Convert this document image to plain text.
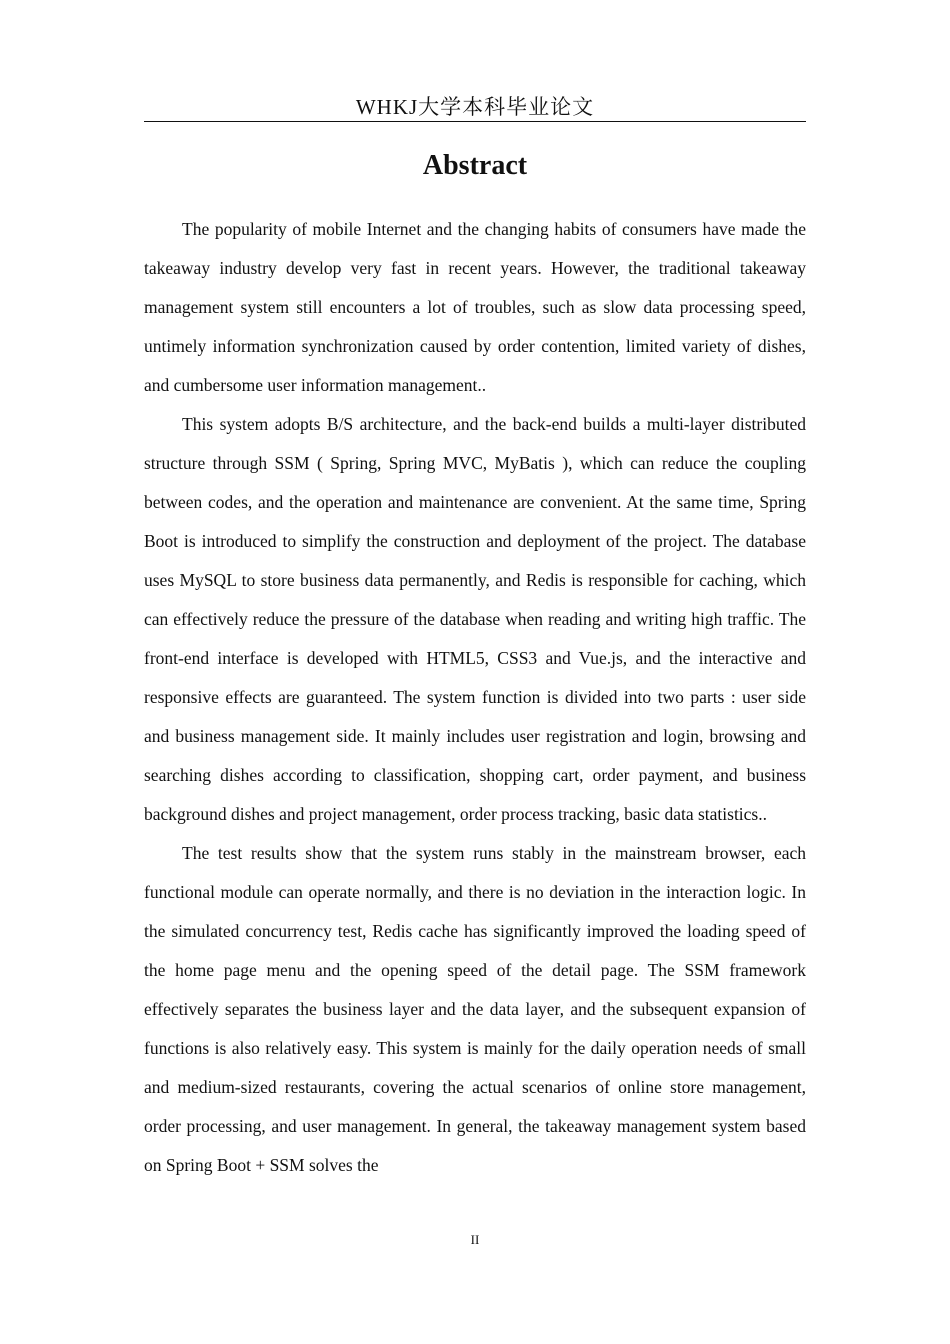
WHKJ大学本科毕业论文
Abstract

The popularity of mobile Internet and the changing habits of consumers have made the takeaway industry develop very fast in recent years. However, the traditional takeaway management system still encounters a lot of troubles, such as slow data processing speed, untimely information synchronization caused by order contention, limited variety of dishes, and cumbersome user information management..

This system adopts B/S architecture, and the back-end builds a multi-layer distributed structure through SSM ( Spring, Spring MVC, MyBatis ), which can reduce the coupling between codes, and the operation and maintenance are convenient. At the same time, Spring Boot is introduced to simplify the construction and deployment of the project. The database uses MySQL to store business data permanently, and Redis is responsible for caching, which can effectively reduce the pressure of the database when reading and writing high traffic. The front-end interface is developed with HTML5, CSS3 and Vue.js, and the interactive and responsive effects are guaranteed. The system function is divided into two parts : user side and business management side. It mainly includes user registration and login, browsing and searching dishes according to classification, shopping cart, order payment, and business background dishes and project management, order process tracking, basic data statistics..

The test results show that the system runs stably in the mainstream browser, each functional module can operate normally, and there is no deviation in the interaction logic. In the simulated concurrency test, Redis cache has significantly improved the loading speed of the home page menu and the opening speed of the detail page. The SSM framework effectively separates the business layer and the data layer, and the subsequent expansion of functions is also relatively easy. This system is mainly for the daily operation needs of small and medium-sized restaurants, covering the actual scenarios of online store management, order processing, and user management. In general, the takeaway management system based on Spring Boot + SSM solves the

II
